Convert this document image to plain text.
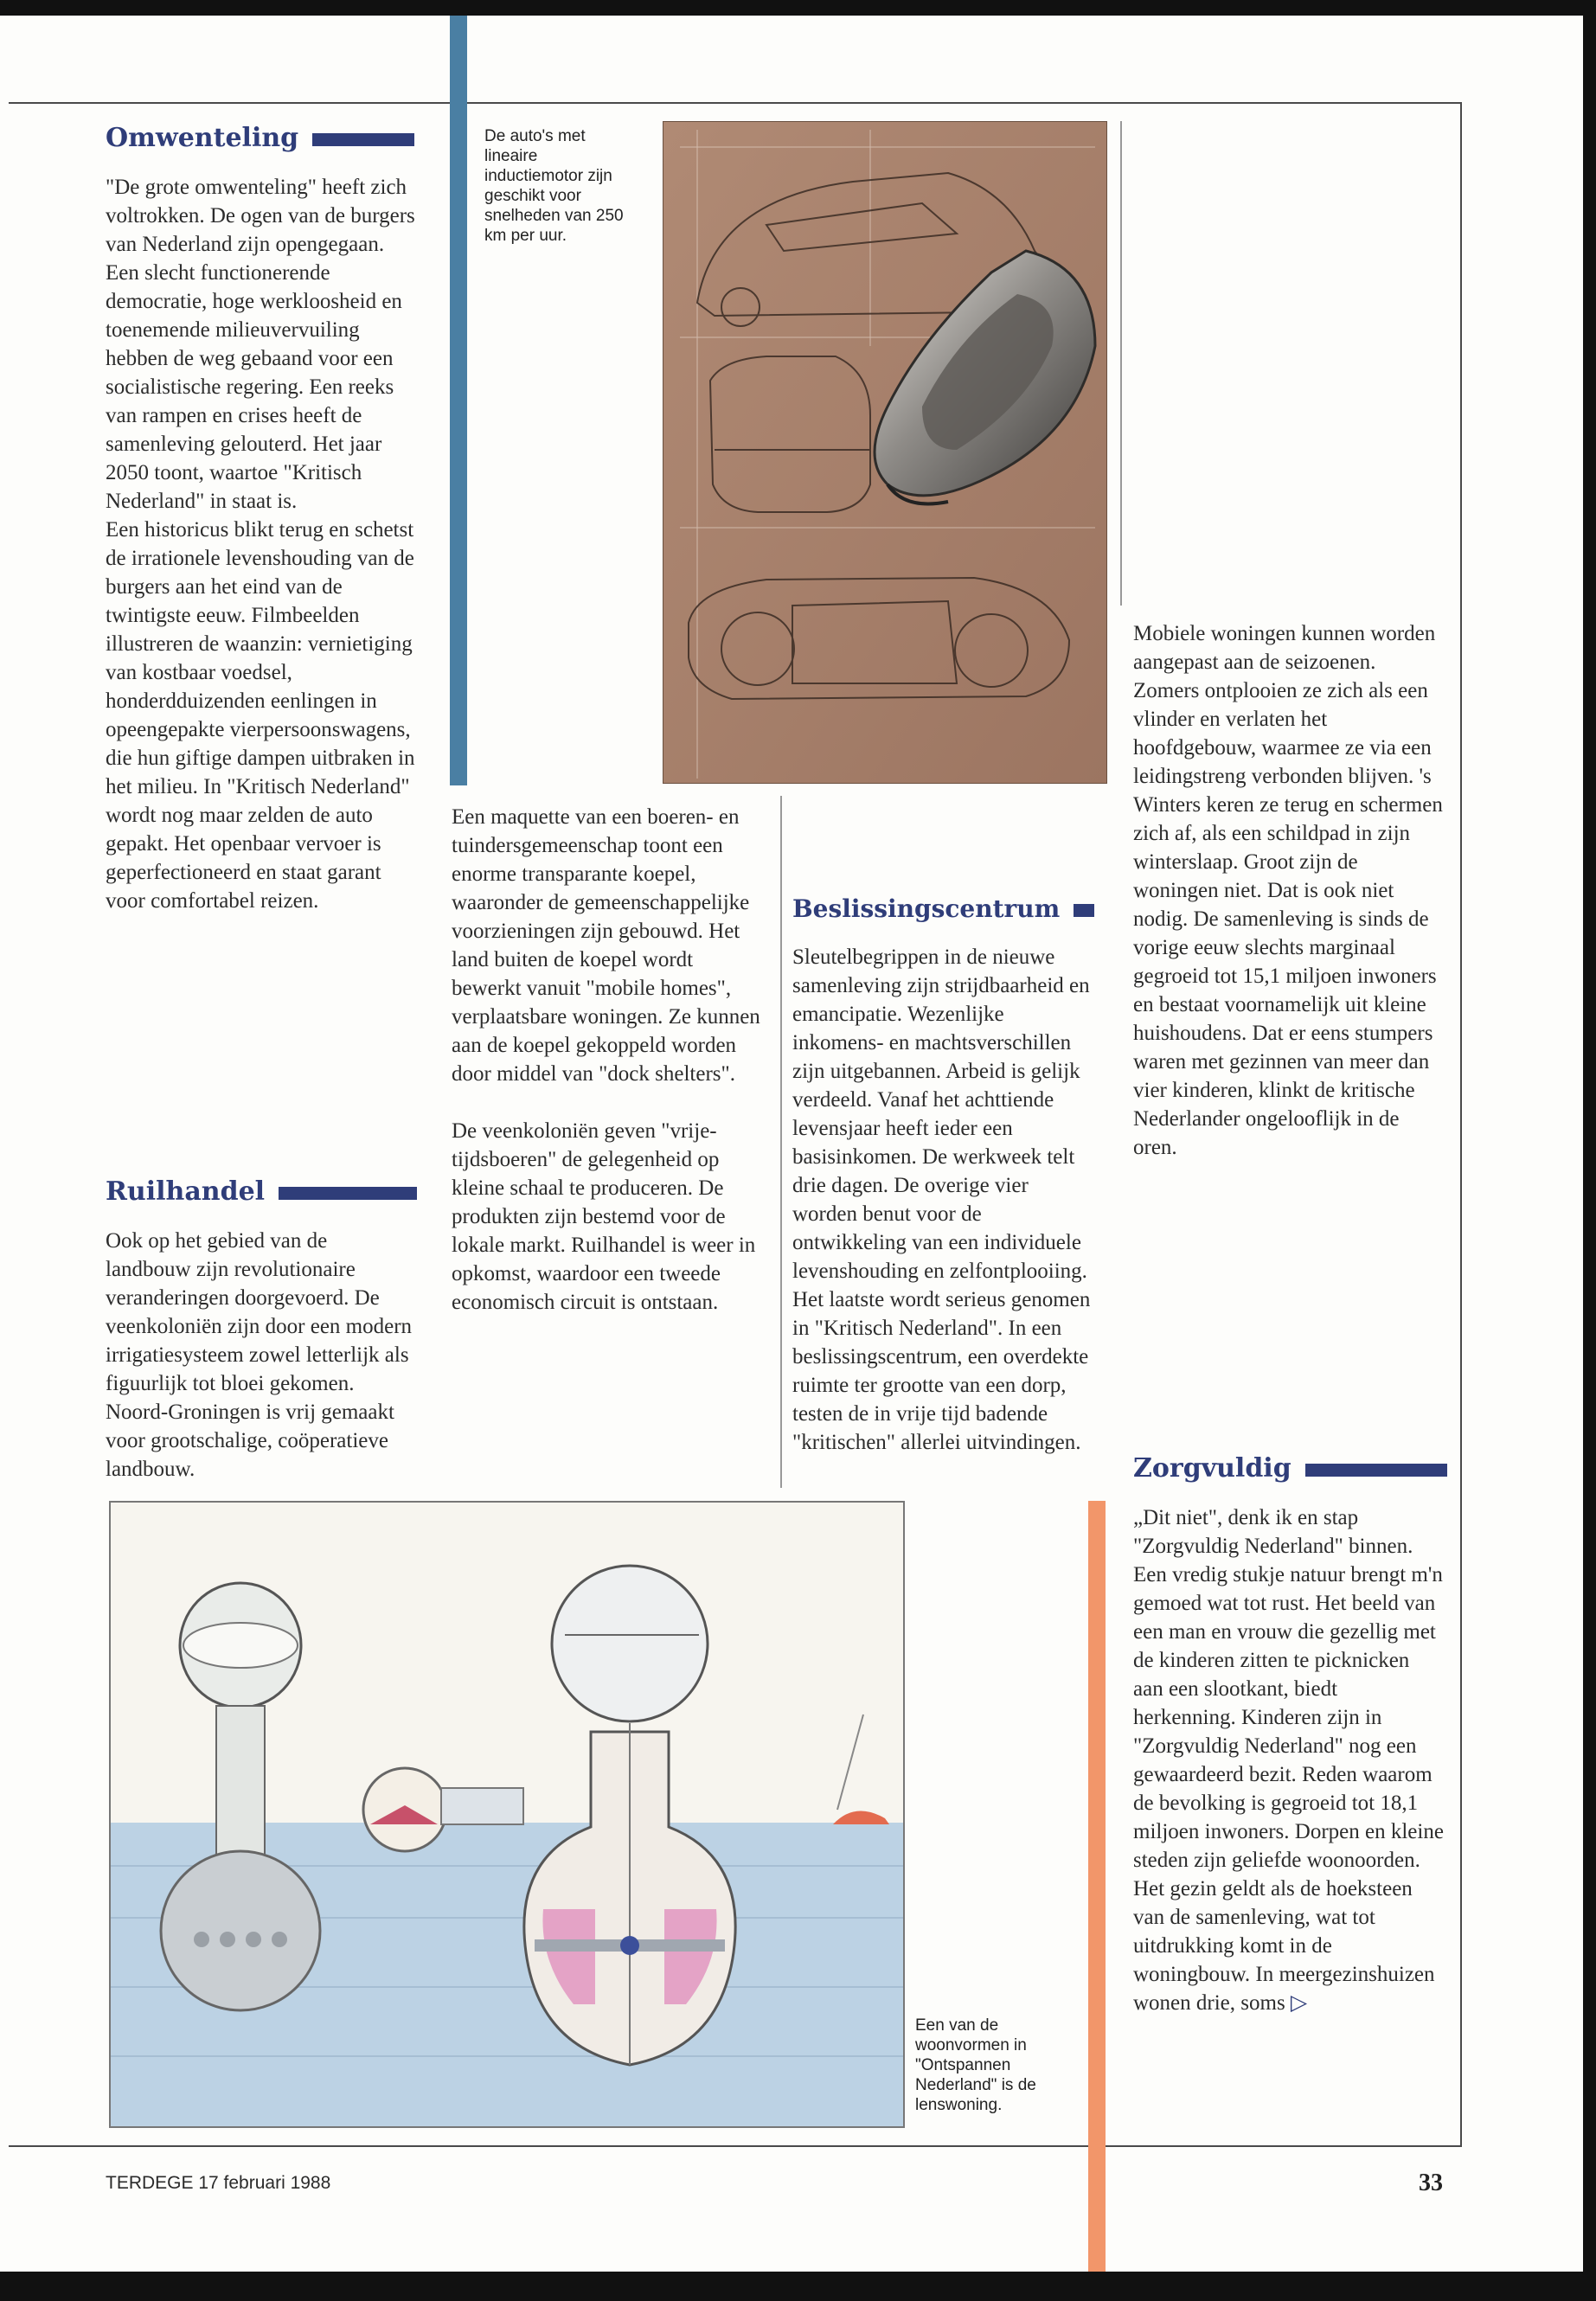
Omwenteling

"De grote omwenteling" heeft zich voltrokken. De ogen van de burgers van Nederland zijn opengegaan. Een slecht functionerende democratie, hoge werkloosheid en toenemende milieuvervuiling hebben de weg gebaand voor een socialistische regering. Een reeks van rampen en crises heeft de samenleving gelouterd. Het jaar 2050 toont, waartoe "Kritisch Nederland" in staat is.

Een historicus blikt terug en schetst de irrationele levenshouding van de burgers aan het eind van de twintigste eeuw. Filmbeelden illustreren de waanzin: vernietiging van kostbaar voedsel, honderdduizenden eenlingen in opeengepakte vierpersoonswagens, die hun giftige dampen uitbraken in het milieu. In "Kritisch Nederland" wordt nog maar zelden de auto gepakt. Het openbaar vervoer is geperfectioneerd en staat garant voor comfortabel reizen.

Ruilhandel

Ook op het gebied van de landbouw zijn revolutionaire veranderingen doorgevoerd. De veenkoloniën zijn door een modern irrigatiesysteem zowel letterlijk als figuurlijk tot bloei gekomen. Noord-Groningen is vrij gemaakt voor grootschalige, coöperatieve landbouw.

De auto's met lineaire inductiemotor zijn geschikt voor snelheden van 250 km per uur.

Een maquette van een boeren- en tuindersgemeenschap toont een enorme transparante koepel, waaronder de gemeenschappelijke voorzieningen zijn gebouwd. Het land buiten de koepel wordt bewerkt vanuit "mobile homes", verplaatsbare woningen. Ze kunnen aan de koepel gekoppeld worden door middel van "dock shelters".

De veenkoloniën geven "vrije-tijdsboeren" de gelegenheid op kleine schaal te produceren. De produkten zijn bestemd voor de lokale markt. Ruilhandel is weer in opkomst, waardoor een tweede economisch circuit is ontstaan.

Beslissingscentrum

Sleutelbegrippen in de nieuwe samenleving zijn strijdbaarheid en emancipatie. Wezenlijke inkomens- en machtsverschillen zijn uitgebannen. Arbeid is gelijk verdeeld. Vanaf het achttiende levensjaar heeft ieder een basisinkomen. De werkweek telt drie dagen. De overige vier worden benut voor de ontwikkeling van een individuele levenshouding en zelfontplooiing. Het laatste wordt serieus genomen in "Kritisch Nederland". In een beslissingscentrum, een overdekte ruimte ter grootte van een dorp, testen de in vrije tijd badende "kritischen" allerlei uitvindingen.

Mobiele woningen kunnen worden aangepast aan de seizoenen. Zomers ontplooien ze zich als een vlinder en verlaten het hoofdgebouw, waarmee ze via een leidingstreng verbonden blijven. 's Winters keren ze terug en schermen zich af, als een schildpad in zijn winterslaap. Groot zijn de woningen niet. Dat is ook niet nodig. De samenleving is sinds de vorige eeuw slechts marginaal gegroeid tot 15,1 miljoen inwoners en bestaat voornamelijk uit kleine huishoudens. Dat er eens stumpers waren met gezinnen van meer dan vier kinderen, klinkt de kritische Nederlander ongelooflijk in de oren.

Zorgvuldig

„Dit niet", denk ik en stap "Zorgvuldig Nederland" binnen. Een vredig stukje natuur brengt m'n gemoed wat tot rust. Het beeld van een man en vrouw die gezellig met de kinderen zitten te picknicken aan een slootkant, biedt herkenning. Kinderen zijn in "Zorgvuldig Nederland" nog een gewaardeerd bezit. Reden waarom de bevolking is gegroeid tot 18,1 miljoen inwoners. Dorpen en kleine steden zijn geliefde woonoorden. Het gezin geldt als de hoeksteen van de samenleving, wat tot uitdrukking komt in de woningbouw. In meergezinshuizen wonen drie, soms ▷

Een van de woonvormen in "Ontspannen Nederland" is de lenswoning.

TERDEGE 17 februari 1988	33
